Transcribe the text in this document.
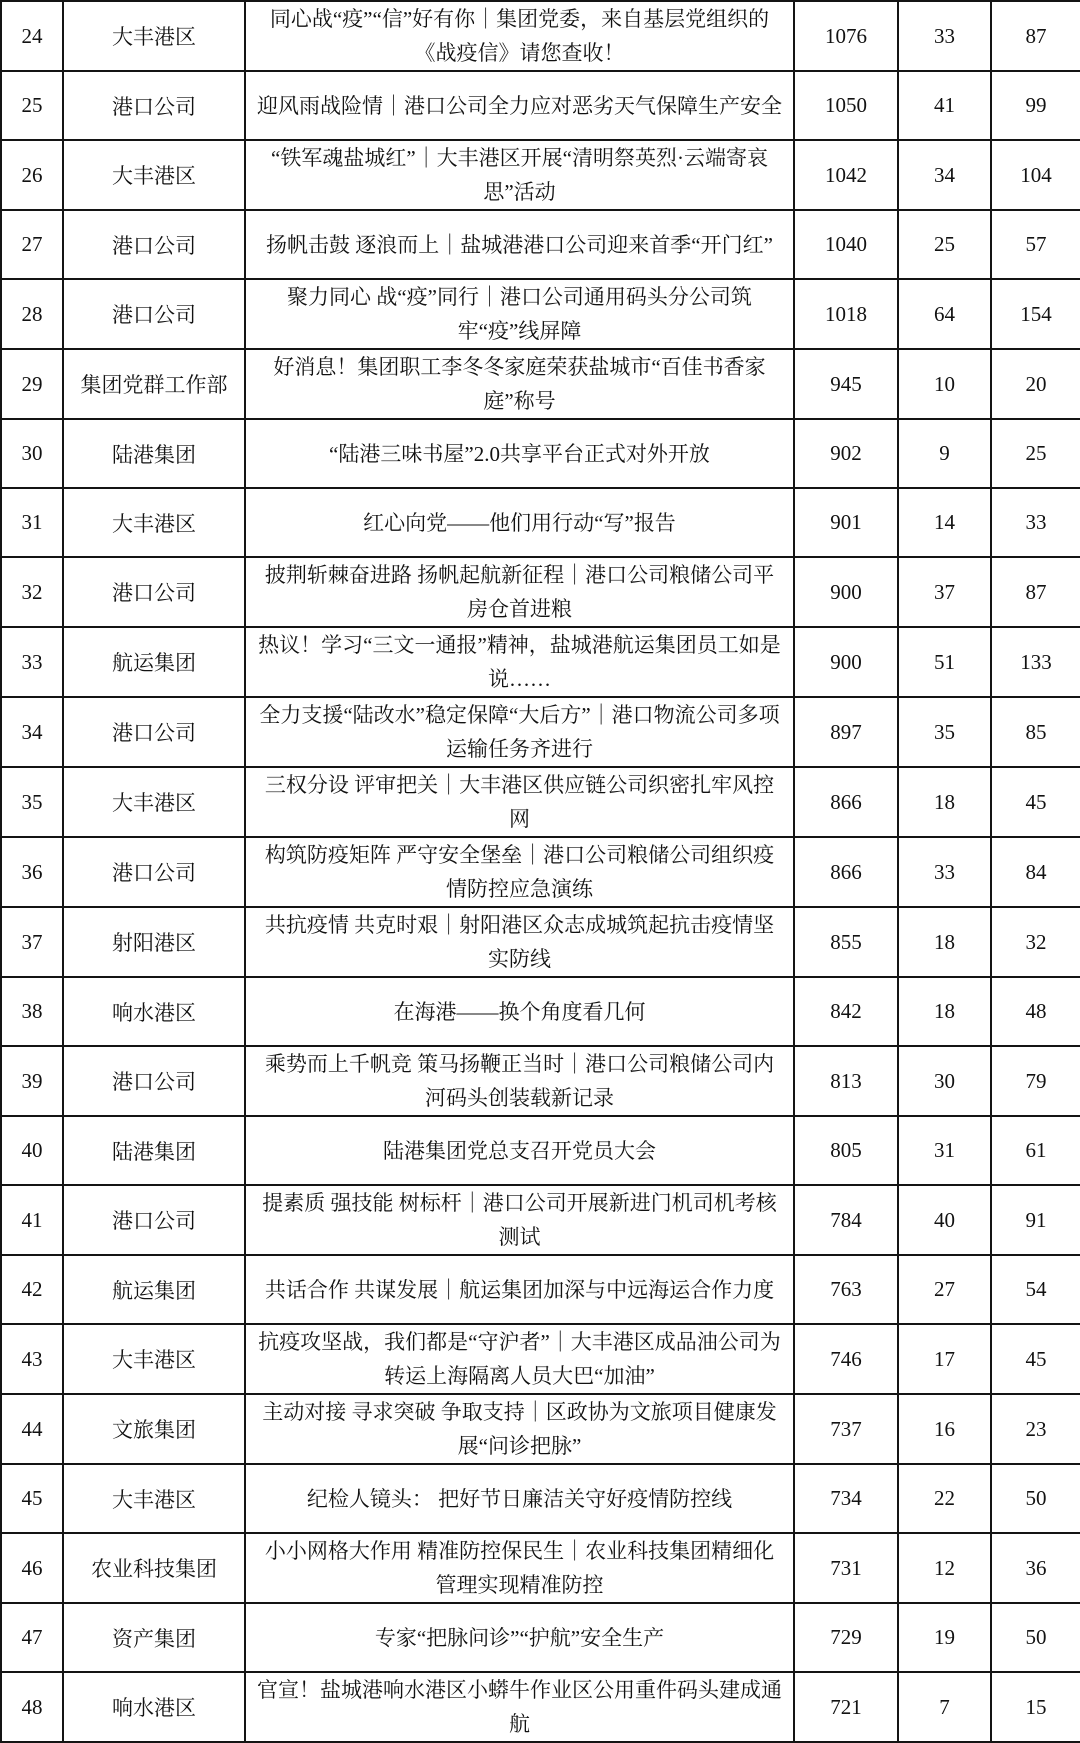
24	大丰港区	同心战“疫”“信”好有你｜集团党委，来自基层党组织的《战疫信》请您查收！	1076	33	87
25	港口公司	迎风雨战险情｜港口公司全力应对恶劣天气保障生产安全	1050	41	99
26	大丰港区	“铁军魂盐城红”｜大丰港区开展“清明祭英烈·云端寄哀思”活动	1042	34	104
27	港口公司	扬帆击鼓 逐浪而上｜盐城港港口公司迎来首季“开门红”	1040	25	57
28	港口公司	聚力同心 战“疫”同行｜港口公司通用码头分公司筑牢“疫”线屏障	1018	64	154
29	集团党群工作部	好消息！集团职工李冬冬家庭荣获盐城市“百佳书香家庭”称号	945	10	20
30	陆港集团	“陆港三味书屋”2.0共享平台正式对外开放	902	9	25
31	大丰港区	红心向党——他们用行动“写”报告	901	14	33
32	港口公司	披荆斩棘奋进路 扬帆起航新征程｜港口公司粮储公司平房仓首进粮	900	37	87
33	航运集团	热议！学习“三文一通报”精神，盐城港航运集团员工如是说……	900	51	133
34	港口公司	全力支援“陆改水”稳定保障“大后方”｜港口物流公司多项运输任务齐进行	897	35	85
35	大丰港区	三权分设 评审把关｜大丰港区供应链公司织密扎牢风控网	866	18	45
36	港口公司	构筑防疫矩阵 严守安全堡垒｜港口公司粮储公司组织疫情防控应急演练	866	33	84
37	射阳港区	共抗疫情 共克时艰｜射阳港区众志成城筑起抗击疫情坚实防线	855	18	32
38	响水港区	在海港——换个角度看几何	842	18	48
39	港口公司	乘势而上千帆竞 策马扬鞭正当时｜港口公司粮储公司内河码头创装载新记录	813	30	79
40	陆港集团	陆港集团党总支召开党员大会	805	31	61
41	港口公司	提素质 强技能 树标杆｜港口公司开展新进门机司机考核测试	784	40	91
42	航运集团	共话合作 共谋发展｜航运集团加深与中远海运合作力度	763	27	54
43	大丰港区	抗疫攻坚战，我们都是“守沪者”｜大丰港区成品油公司为转运上海隔离人员大巴“加油”	746	17	45
44	文旅集团	主动对接 寻求突破 争取支持｜区政协为文旅项目健康发展“问诊把脉”	737	16	23
45	大丰港区	纪检人镜头： 把好节日廉洁关守好疫情防控线	734	22	50
46	农业科技集团	小小网格大作用 精准防控保民生｜农业科技集团精细化管理实现精准防控	731	12	36
47	资产集团	专家“把脉问诊”“护航”安全生产	729	19	50
48	响水港区	官宣！盐城港响水港区小蟒牛作业区公用重件码头建成通航	721	7	15
